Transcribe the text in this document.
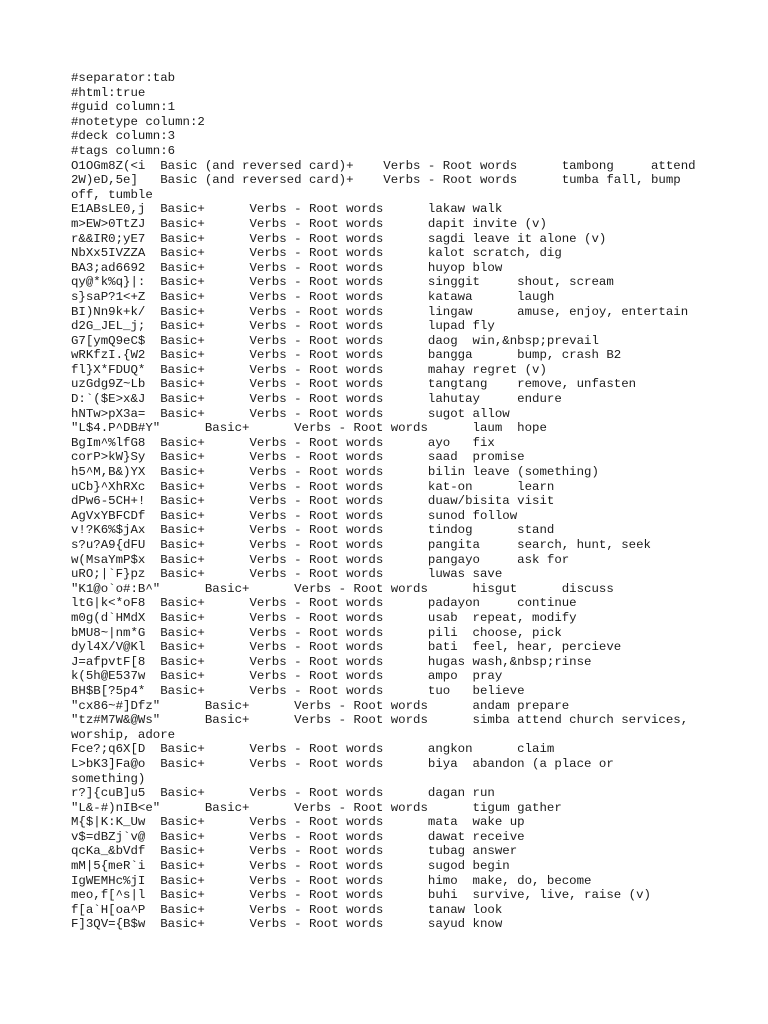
#separator:tab
#html:true
#guid column:1
#notetype column:2
#deck column:3
#tags column:6
O1OGm8Z(<i  Basic (and reversed card)+    Verbs - Root words      tambong     attend
2W)eD,5e]   Basic (and reversed card)+    Verbs - Root words      tumba fall, bump
off, tumble
E1ABsLE0,j  Basic+      Verbs - Root words      lakaw walk
m>EW>0TtZJ  Basic+      Verbs - Root words      dapit invite (v)
r&&IR0;yE7  Basic+      Verbs - Root words      sagdi leave it alone (v)
NbXx5IVZZA  Basic+      Verbs - Root words      kalot scratch, dig
BA3;ad6692  Basic+      Verbs - Root words      huyop blow
qy@*k%q}|:  Basic+      Verbs - Root words      singgit     shout, scream
s}saP?1<+Z  Basic+      Verbs - Root words      katawa      laugh
BI)Nn9k+k/  Basic+      Verbs - Root words      lingaw      amuse, enjoy, entertain
d2G_JEL_j;  Basic+      Verbs - Root words      lupad fly
G7[ymQ9eC$  Basic+      Verbs - Root words      daog  win,&nbsp;prevail
wRKfzI.{W2  Basic+      Verbs - Root words      bangga      bump, crash B2
fl}X*FDUQ*  Basic+      Verbs - Root words      mahay regret (v)
uzGdg9Z~Lb  Basic+      Verbs - Root words      tangtang    remove, unfasten
D:`($E>x&J  Basic+      Verbs - Root words      lahutay     endure
hNTw>pX3a=  Basic+      Verbs - Root words      sugot allow
"L$4.P^DB#Y"      Basic+      Verbs - Root words      laum  hope
BgIm^%lfG8  Basic+      Verbs - Root words      ayo   fix
corP>kW}Sy  Basic+      Verbs - Root words      saad  promise
h5^M,B&)YX  Basic+      Verbs - Root words      bilin leave (something)
uCb}^XhRXc  Basic+      Verbs - Root words      kat-on      learn
dPw6-5CH+!  Basic+      Verbs - Root words      duaw/bisita visit
AgVxYBFCDf  Basic+      Verbs - Root words      sunod follow
v!?K6%$jAx  Basic+      Verbs - Root words      tindog      stand
s?u?A9{dFU  Basic+      Verbs - Root words      pangita     search, hunt, seek
w(MsaYmP$x  Basic+      Verbs - Root words      pangayo     ask for
uRO;|`F}pz  Basic+      Verbs - Root words      luwas save
"K1@o`o#:B^"      Basic+      Verbs - Root words      hisgut      discuss
ltG|k<*oF8  Basic+      Verbs - Root words      padayon     continue
m0g(d`HMdX  Basic+      Verbs - Root words      usab  repeat, modify
bMU8~|nm*G  Basic+      Verbs - Root words      pili  choose, pick
dyl4X/V@Kl  Basic+      Verbs - Root words      bati  feel, hear, percieve
J=afpvtF[8  Basic+      Verbs - Root words      hugas wash,&nbsp;rinse
k(5h@E537w  Basic+      Verbs - Root words      ampo  pray
BH$B[?5p4*  Basic+      Verbs - Root words      tuo   believe
"cx86~#]Dfz"      Basic+      Verbs - Root words      andam prepare
"tz#M7W&@Ws"      Basic+      Verbs - Root words      simba attend church services,
worship, adore
Fce?;q6X[D  Basic+      Verbs - Root words      angkon      claim
L>bK3]Fa@o  Basic+      Verbs - Root words      biya  abandon (a place or
something)
r?]{cuB]u5  Basic+      Verbs - Root words      dagan run
"L&-#)nIB<e"      Basic+      Verbs - Root words      tigum gather
M{$|K:K_Uw  Basic+      Verbs - Root words      mata  wake up
v$=dBZj`v@  Basic+      Verbs - Root words      dawat receive
qcKa_&bVdf  Basic+      Verbs - Root words      tubag answer
mM|5{meR`i  Basic+      Verbs - Root words      sugod begin
IgWEMHc%jI  Basic+      Verbs - Root words      himo  make, do, become
meo,f[^s|l  Basic+      Verbs - Root words      buhi  survive, live, raise (v)
f[a`H[oa^P  Basic+      Verbs - Root words      tanaw look
F]3QV={B$w  Basic+      Verbs - Root words      sayud know
